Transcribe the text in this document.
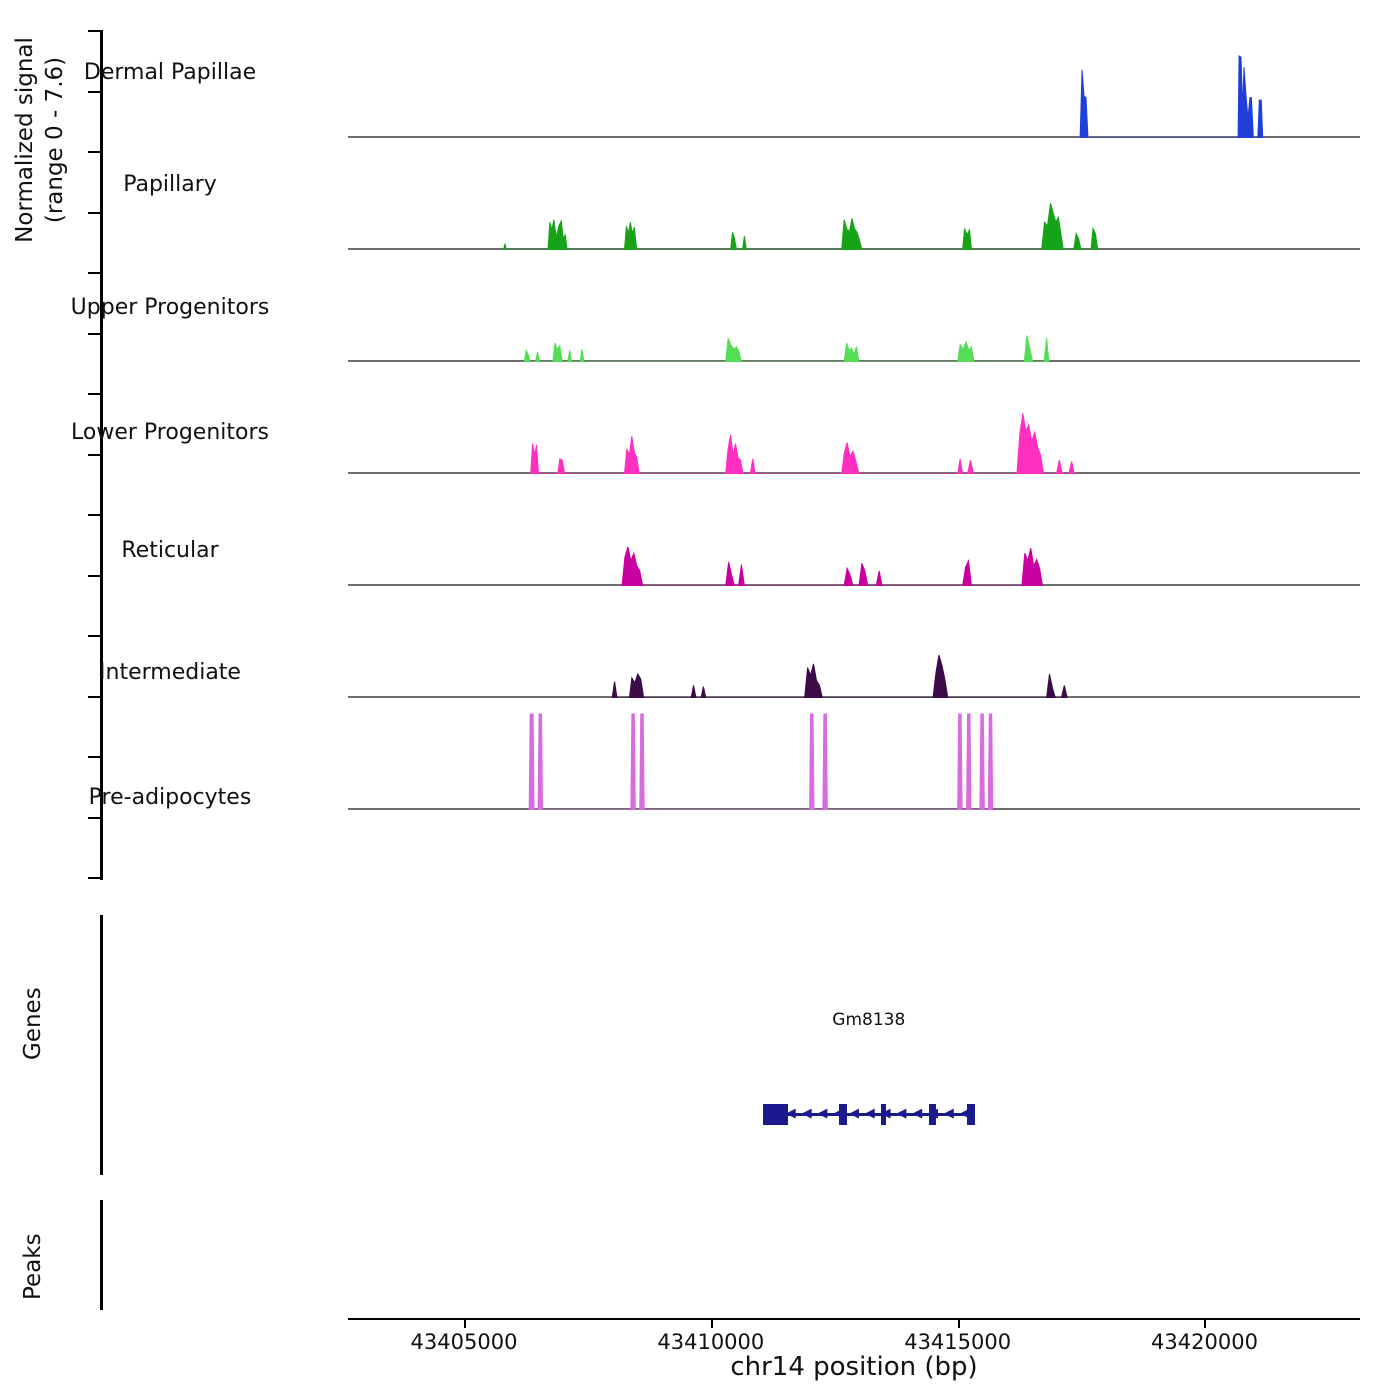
Normalized signal (range 0 - 7.6)
Genes
Peaks
Gm8138
◀ ◀ ◀ ◀ ◀ ◀ ◀ ◀ ◀ ◀ ◀ ◀ ◀
chr14 position (bp)
Dermal Papillae
Papillary
Upper Progenitors
Lower Progenitors
Reticular
Intermediate
Pre-adipocytes
43405000	43410000	43415000	43420000
